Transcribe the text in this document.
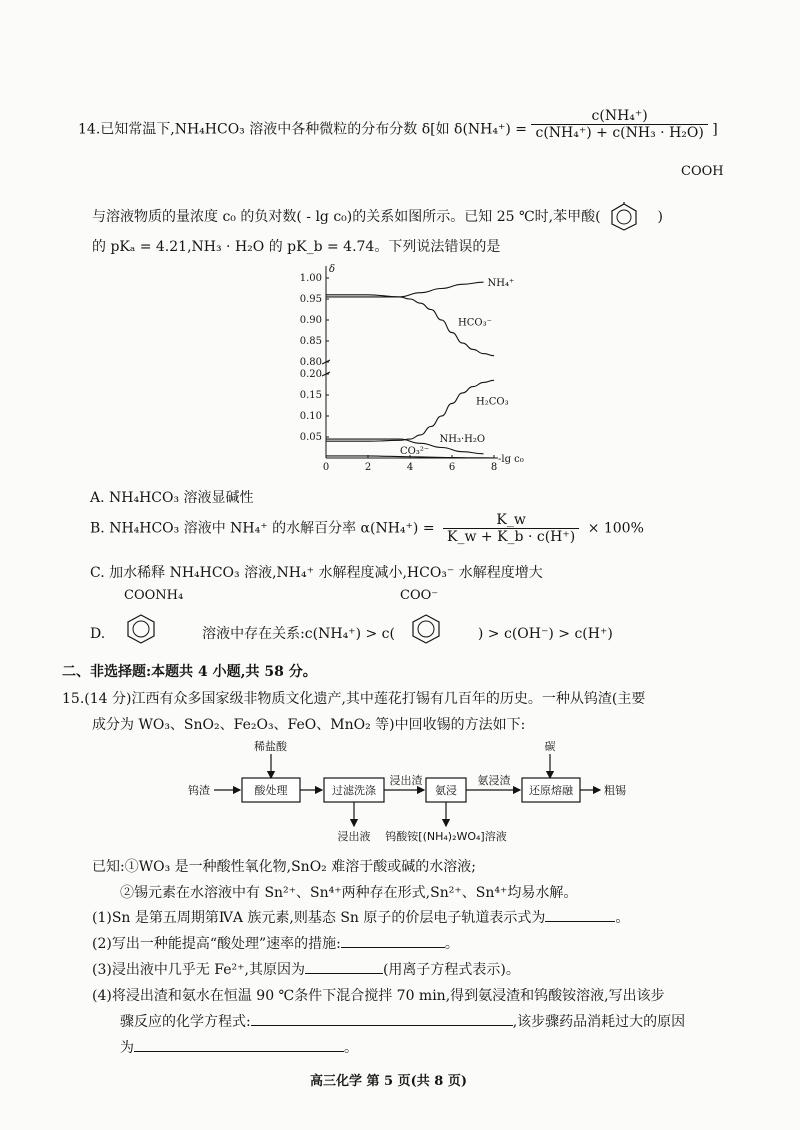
14.已知常温下,NH₄HCO₃ 溶液中各种微粒的分布分数 δ[如 $\delta(NH_4^+) = \frac{\text{c(NH₄⁺)}}{\text{c(NH₄⁺) + c(NH₃ · H₂O)}}$ ]
COOH
与溶液物质的量浓度 c₀ 的负对数( - lg c₀)的关系如图所示。已知 25 ℃时,苯甲酸(	)
的 pKₐ = 4.21,NH₃ · H₂O 的 pK_b = 4.74。下列说法错误的是
δ
-lg c₀
1.00
0.95
0.90
0.85
0.80
0.20
0.15
0.10
0.05
0	2	4	6	8
NH₄⁺
HCO₃⁻
H₂CO₃
NH₃·H₂O
CO₃²⁻
A. NH₄HCO₃ 溶液显碱性
B. NH₄HCO₃ 溶液中 NH₄⁺ 的水解百分率 $\alpha(NH_4^+) = \frac{K\_w}{K\_w + K\_b \cdot c(H^+)} \times 100\%$
C. 加水稀释 NH₄HCO₃ 溶液,NH₄⁺ 水解程度减小,HCO₃⁻ 水解程度增大
COONH₄	COO⁻
D.	溶液中存在关系:c(NH₄⁺) > c(	) > c(OH⁻) > c(H⁺)
二、非选择题:本题共 4 小题,共 58 分。
15.(14 分)江西有众多国家级非物质文化遗产,其中莲花打锡有几百年的历史。一种从钨渣(主要
成分为 WO₃、SnO₂、Fe₂O₃、FeO、MnO₂ 等)中回收锡的方法如下:
钨渣
稀盐酸
酸处理	过滤洗涤
浸出液
浸出渣
氨浸
钨酸铵[(NH₄)₂WO₄]溶液
氨浸渣
碳
还原熔融	粗锡
已知:①WO₃ 是一种酸性氧化物,SnO₂ 难溶于酸或碱的水溶液;
②锡元素在水溶液中有 Sn²⁺、Sn⁴⁺两种存在形式,Sn²⁺、Sn⁴⁺均易水解。
(1)Sn 是第五周期第ⅣA 族元素,则基态 Sn 原子的价层电子轨道表示式为	。
(2)写出一种能提高“酸处理”速率的措施:	。
(3)浸出液中几乎无 Fe²⁺,其原因为	(用离子方程式表示)。
(4)将浸出渣和氨水在恒温 90 ℃条件下混合搅拌 70 min,得到氨浸渣和钨酸铵溶液,写出该步
骤反应的化学方程式:	,该步骤药品消耗过大的原因
为	。
高三化学 第 5 页(共 8 页)
